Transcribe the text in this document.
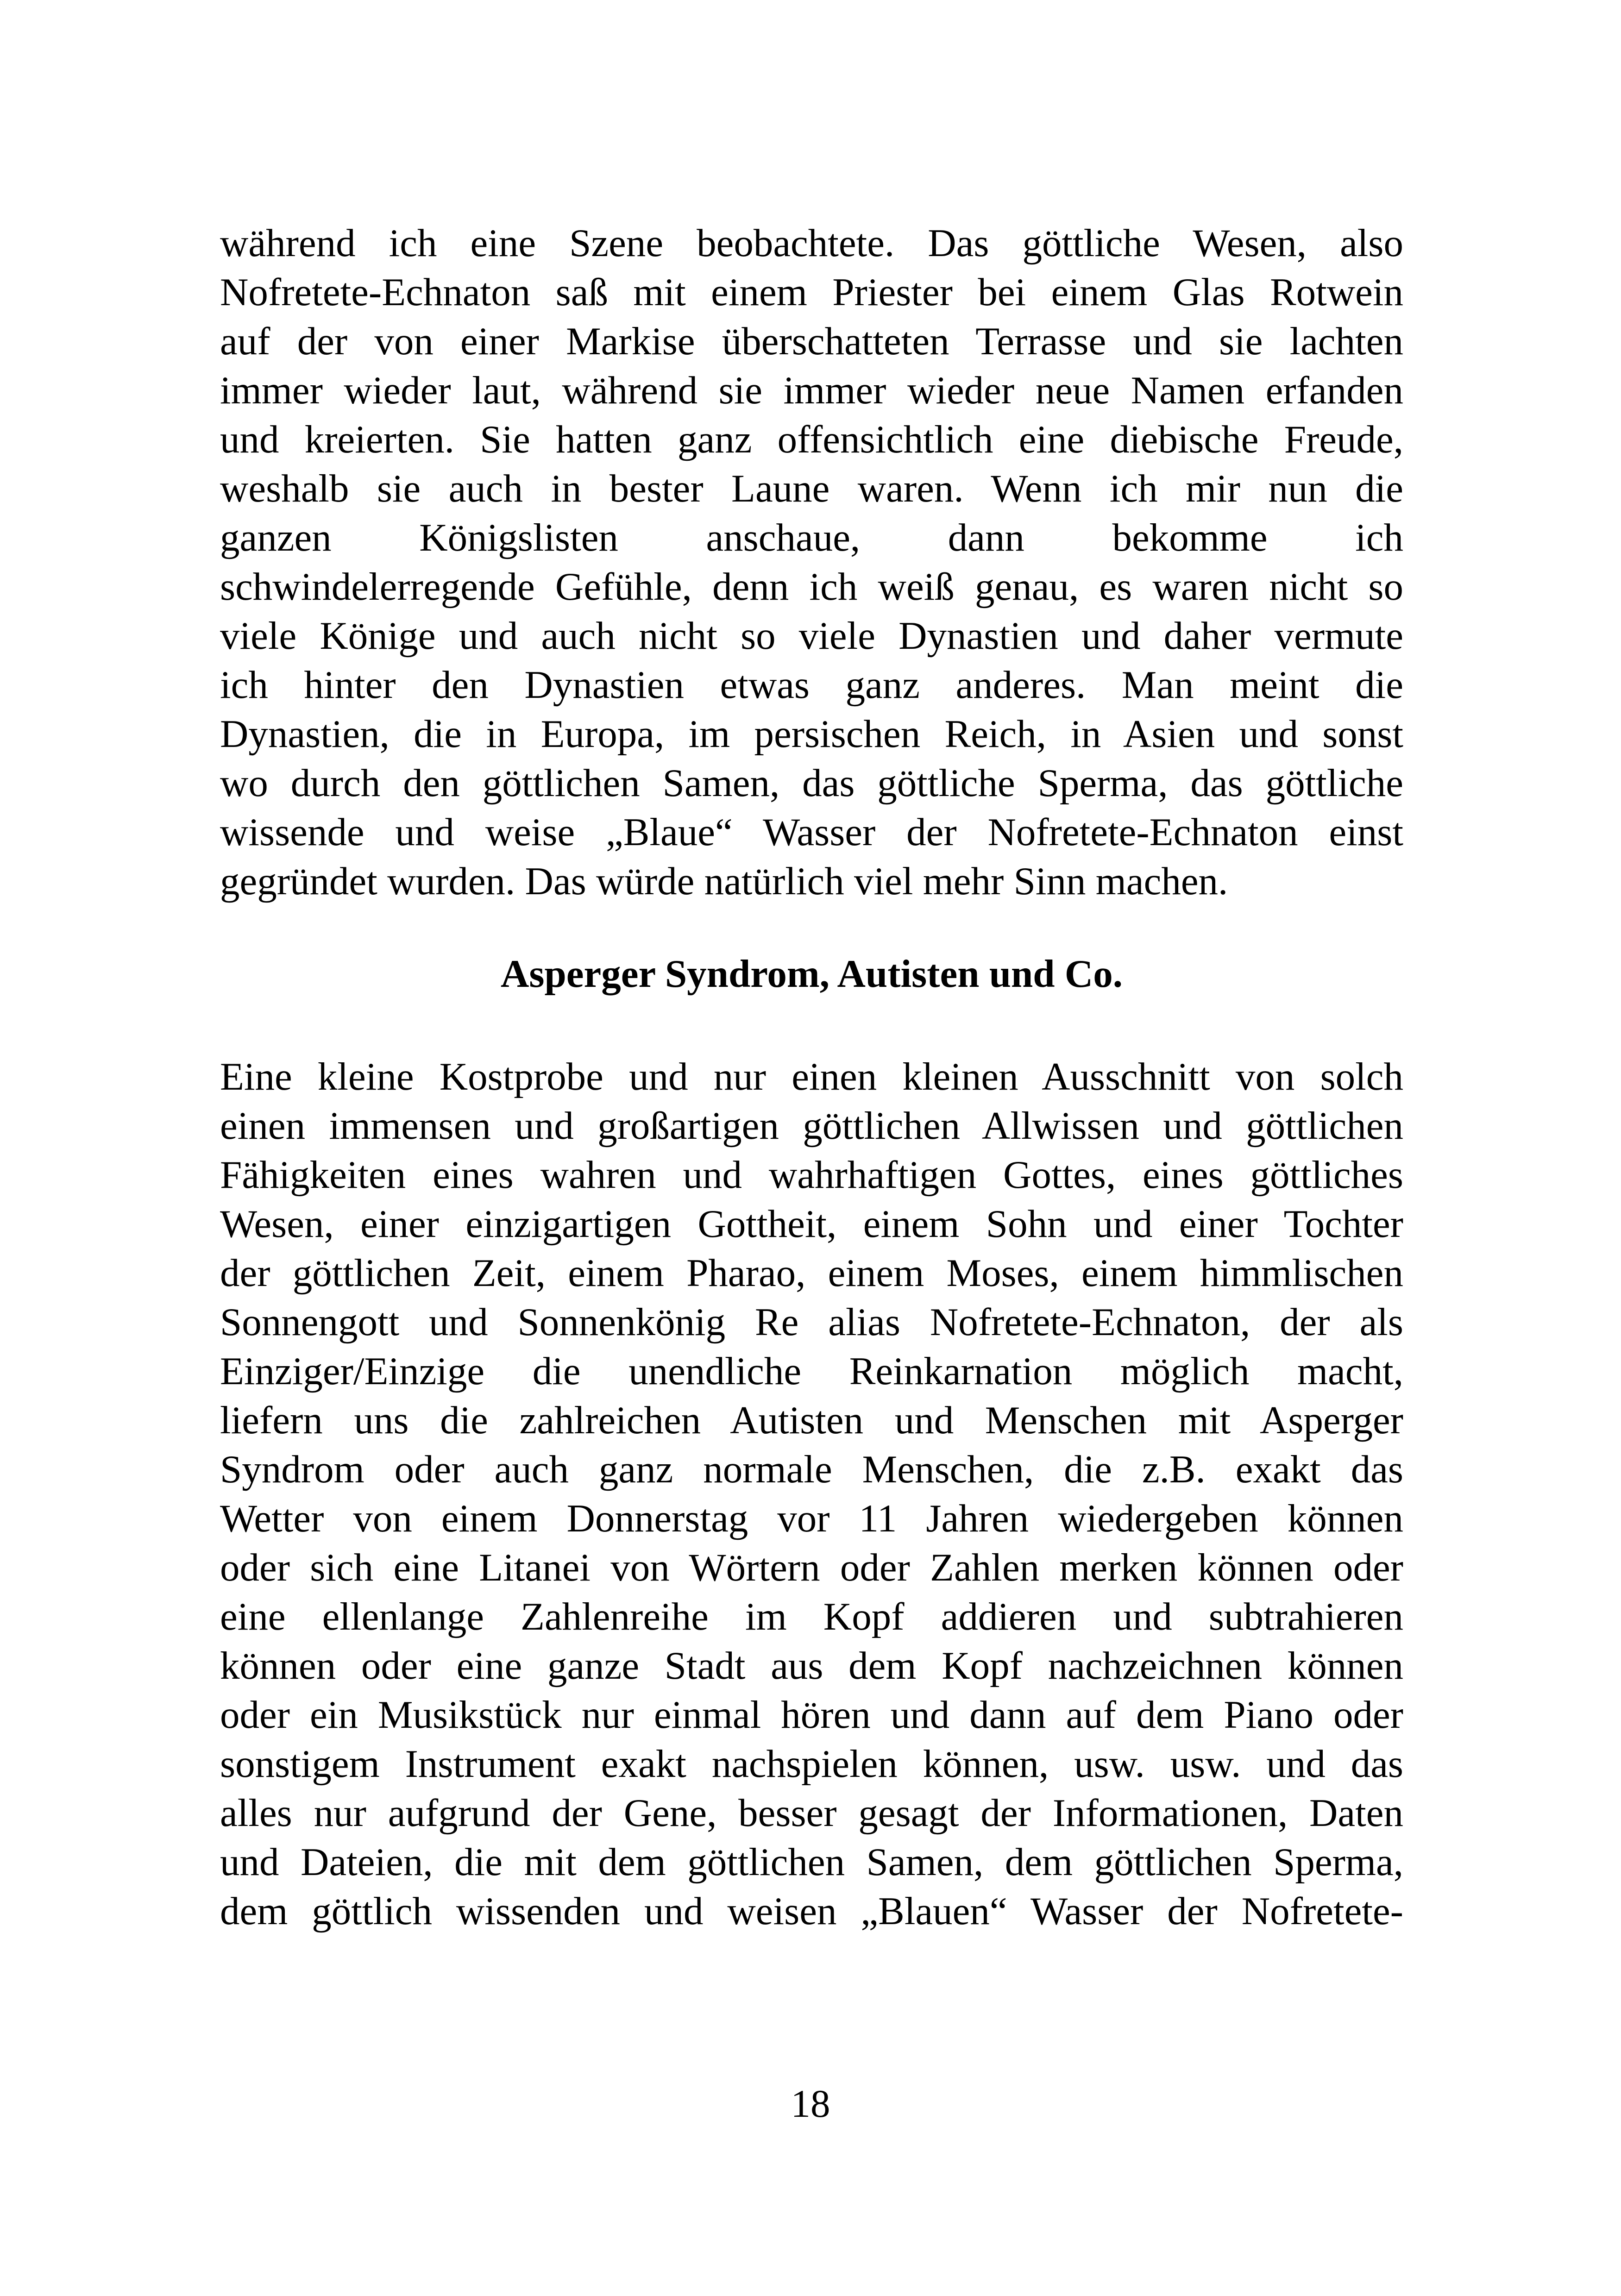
während ich eine Szene beobachtete. Das göttliche Wesen, also
Nofretete-Echnaton saß mit einem Priester bei einem Glas Rotwein
auf der von einer Markise überschatteten Terrasse und sie lachten
immer wieder laut, während sie immer wieder neue Namen erfanden
und kreierten. Sie hatten ganz offensichtlich eine diebische Freude,
weshalb sie auch in bester Laune waren. Wenn ich mir nun die
ganzen Königslisten anschaue, dann bekomme ich
schwindelerregende Gefühle, denn ich weiß genau, es waren nicht so
viele Könige und auch nicht so viele Dynastien und daher vermute
ich hinter den Dynastien etwas ganz anderes. Man meint die
Dynastien, die in Europa, im persischen Reich, in Asien und sonst
wo durch den göttlichen Samen, das göttliche Sperma, das göttliche
wissende und weise „Blaue“ Wasser der Nofretete-Echnaton einst
gegründet wurden. Das würde natürlich viel mehr Sinn machen.
Asperger Syndrom, Autisten und Co.
Eine kleine Kostprobe und nur einen kleinen Ausschnitt von solch
einen immensen und großartigen göttlichen Allwissen und göttlichen
Fähigkeiten eines wahren und wahrhaftigen Gottes, eines göttliches
Wesen, einer einzigartigen Gottheit, einem Sohn und einer Tochter
der göttlichen Zeit, einem Pharao, einem Moses, einem himmlischen
Sonnengott und Sonnenkönig Re alias Nofretete-Echnaton, der als
Einziger/Einzige die unendliche Reinkarnation möglich macht,
liefern uns die zahlreichen Autisten und Menschen mit Asperger
Syndrom oder auch ganz normale Menschen, die z.B. exakt das
Wetter von einem Donnerstag vor 11 Jahren wiedergeben können
oder sich eine Litanei von Wörtern oder Zahlen merken können oder
eine ellenlange Zahlenreihe im Kopf addieren und subtrahieren
können oder eine ganze Stadt aus dem Kopf nachzeichnen können
oder ein Musikstück nur einmal hören und dann auf dem Piano oder
sonstigem Instrument exakt nachspielen können, usw. usw. und das
alles nur aufgrund der Gene, besser gesagt der Informationen, Daten
und Dateien, die mit dem göttlichen Samen, dem göttlichen Sperma,
dem göttlich wissenden und weisen „Blauen“ Wasser der Nofretete-
18
